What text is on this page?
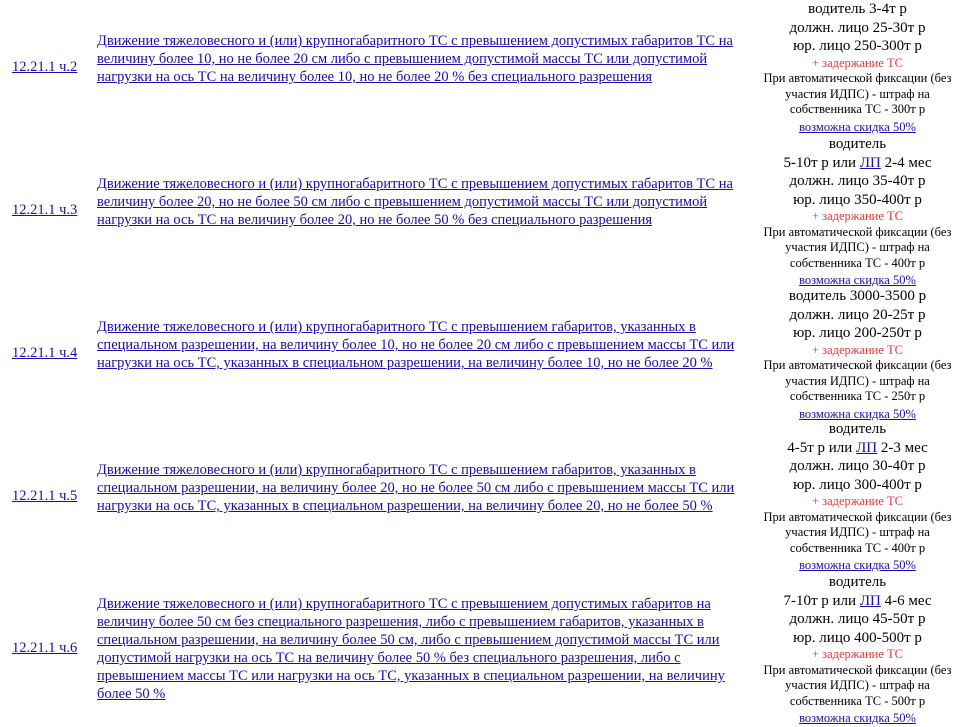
12.21.1 ч.2
Движение тяжеловесного и (или) крупногабаритного ТС с превышением допустимых габаритов ТС на величину более 10, но не более 20 см либо с превышением допустимой массы ТС или допустимой нагрузки на ось ТС на величину более 10, но не более 20 % без специального разрешения
водитель 3-4т р
должн. лицо 25-30т р
юр. лицо 250-300т р
+ задержание ТС
При автоматической фиксации (без участия ИДПС) - штраф на собственника ТС - 300т р
возможна скидка 50%
12.21.1 ч.3
Движение тяжеловесного и (или) крупногабаритного ТС с превышением допустимых габаритов ТС на величину более 20, но не более 50 см либо с превышением допустимой массы ТС или допустимой нагрузки на ось ТС на величину более 20, но не более 50 % без специального разрешения
водитель
5-10т р или ЛП 2-4 мес
должн. лицо 35-40т р
юр. лицо 350-400т р
+ задержание ТС
При автоматической фиксации (без участия ИДПС) - штраф на собственника ТС - 400т р
возможна скидка 50%
12.21.1 ч.4
Движение тяжеловесного и (или) крупногабаритного ТС с превышением габаритов, указанных в специальном разрешении, на величину более 10, но не более 20 см либо с превышением массы ТС или нагрузки на ось ТС, указанных в специальном разрешении, на величину более 10, но не более 20 %
водитель 3000-3500 р
должн. лицо 20-25т р
юр. лицо 200-250т р
+ задержание ТС
При автоматической фиксации (без участия ИДПС) - штраф на собственника ТС - 250т р
возможна скидка 50%
12.21.1 ч.5
Движение тяжеловесного и (или) крупногабаритного ТС с превышением габаритов, указанных в специальном разрешении, на величину более 20, но не более 50 см либо с превышением массы ТС или нагрузки на ось ТС, указанных в специальном разрешении, на величину более 20, но не более 50 %
водитель
4-5т р или ЛП 2-3 мес
должн. лицо 30-40т р
юр. лицо 300-400т р
+ задержание ТС
При автоматической фиксации (без участия ИДПС) - штраф на собственника ТС - 400т р
возможна скидка 50%
12.21.1 ч.6
Движение тяжеловесного и (или) крупногабаритного ТС с превышением допустимых габаритов на величину более 50 см без специального разрешения, либо с превышением габаритов, указанных в специальном разрешении, на величину более 50 см, либо с превышением допустимой массы ТС или допустимой нагрузки на ось ТС на величину более 50 % без специального разрешения, либо с превышением массы ТС или нагрузки на ось ТС, указанных в специальном разрешении, на величину более 50 %
водитель
7-10т р или ЛП 4-6 мес
должн. лицо 45-50т р
юр. лицо 400-500т р
+ задержание ТС
При автоматической фиксации (без участия ИДПС) - штраф на собственника ТС - 500т р
возможна скидка 50%
